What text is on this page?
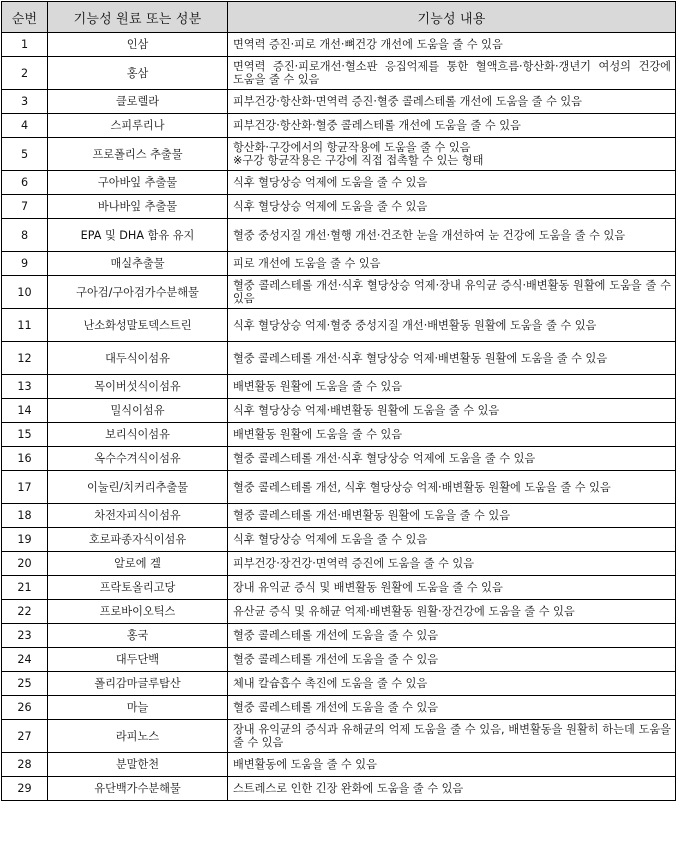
순번	기능성 원료 또는 성분	기능성 내용
1	인삼	면역력 증진·피로 개선·뼈건강 개선에 도움을 줄 수 있음
2	홍삼	면역력 증진·피로개선·혈소판 응집억제를 통한 혈액흐름·항산화·갱년기 여성의 건강에 도움을 줄 수 있음
3	클로렐라	피부건강·항산화·면역력 증진·혈중 콜레스테롤 개선에 도움을 줄 수 있음
4	스피루리나	피부건강·항산화·혈중 콜레스테롤 개선에 도움을 줄 수 있음
5	프로폴리스 추출물	항산화·구강에서의 항균작용에 도움을 줄 수 있음
※구강 항균작용은 구강에 직접 접촉할 수 있는 형태
6	구아바잎 추출물	식후 혈당상승 억제에 도움을 줄 수 있음
7	바나바잎 추출물	식후 혈당상승 억제에 도움을 줄 수 있음
8	EPA 및 DHA 함유 유지	혈중 중성지질 개선·혈행 개선·건조한 눈을 개선하여 눈 건강에 도움을 줄 수 있음
9	매실추출물	피로 개선에 도움을 줄 수 있음
10	구아검/구아검가수분해물	혈중 콜레스테롤 개선·식후 혈당상승 억제·장내 유익균 증식·배변활동 원활에 도움을 줄 수 있음
11	난소화성말토덱스트린	식후 혈당상승 억제·혈중 중성지질 개선·배변활동 원활에 도움을 줄 수 있음
12	대두식이섬유	혈중 콜레스테롤 개선·식후 혈당상승 억제·배변활동 원활에 도움을 줄 수 있음
13	목이버섯식이섬유	배변활동 원활에 도움을 줄 수 있음
14	밀식이섬유	식후 혈당상승 억제·배변활동 원활에 도움을 줄 수 있음
15	보리식이섬유	배변활동 원활에 도움을 줄 수 있음
16	옥수수겨식이섬유	혈중 콜레스테롤 개선·식후 혈당상승 억제에 도움을 줄 수 있음
17	이눌린/치커리추출물	혈중 콜레스테롤 개선, 식후 혈당상승 억제·배변활동 원활에 도움을 줄 수 있음
18	차전자피식이섬유	혈중 콜레스테롤 개선·배변활동 원활에 도움을 줄 수 있음
19	호로파종자식이섬유	식후 혈당상승 억제에 도움을 줄 수 있음
20	알로에 겔	피부건강·장건강·면역력 증진에 도움을 줄 수 있음
21	프락토올리고당	장내 유익균 증식 및 배변활동 원활에 도움을 줄 수 있음
22	프로바이오틱스	유산균 증식 및 유해균 억제·배변활동 원활·장건강에 도움을 줄 수 있음
23	홍국	혈중 콜레스테롤 개선에 도움을 줄 수 있음
24	대두단백	혈중 콜레스테롤 개선에 도움을 줄 수 있음
25	폴리감마글루탐산	체내 칼슘흡수 촉진에 도움을 줄 수 있음
26	마늘	혈중 콜레스테롤 개선에 도움을 줄 수 있음
27	라피노스	장내 유익균의 증식과 유해균의 억제 도움을 줄 수 있음, 배변활동을 원활히 하는데 도움을 줄 수 있음
28	분말한천	배변활동에 도움을 줄 수 있음
29	유단백가수분해물	스트레스로 인한 긴장 완화에 도움을 줄 수 있음
